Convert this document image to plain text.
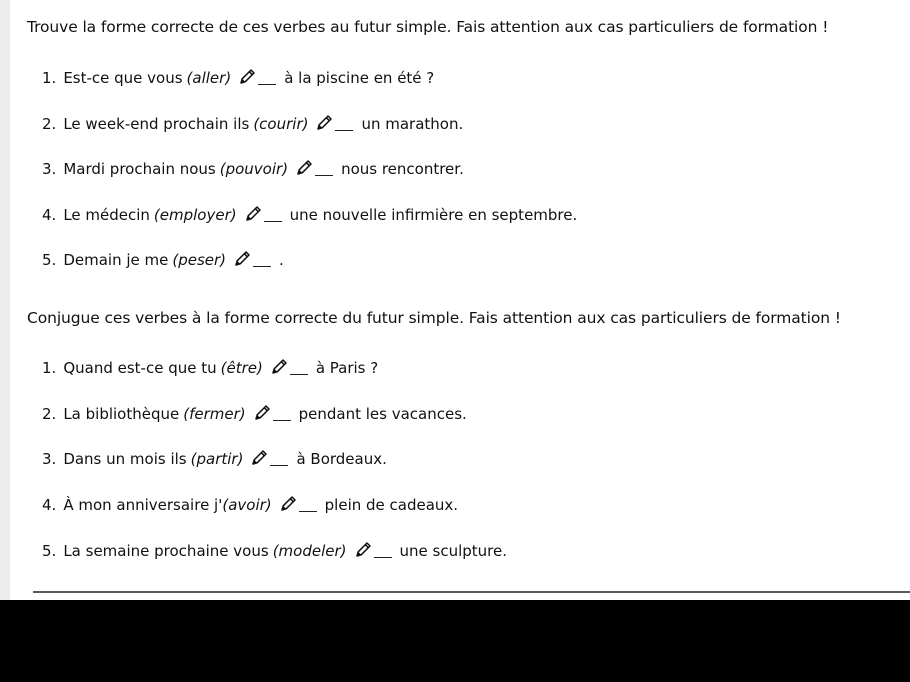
Trouve la forme correcte de ces verbes au futur simple. Fais attention aux cas particuliers de formation !
1. Est-ce que vous (aller)	à la piscine en été ?
2. Le week-end prochain ils (courir)	un marathon.
3. Mardi prochain nous (pouvoir)	nous rencontrer.
4. Le médecin (employer)	une nouvelle infirmière en septembre.
5. Demain je me (peser)	.
Conjugue ces verbes à la forme correcte du futur simple. Fais attention aux cas particuliers de formation !
1. Quand est-ce que tu (être)	à Paris ?
2. La bibliothèque (fermer)	pendant les vacances.
3. Dans un mois ils (partir)	à Bordeaux.
4. À mon anniversaire j' (avoir)	plein de cadeaux.
5. La semaine prochaine vous (modeler)	une sculpture.
